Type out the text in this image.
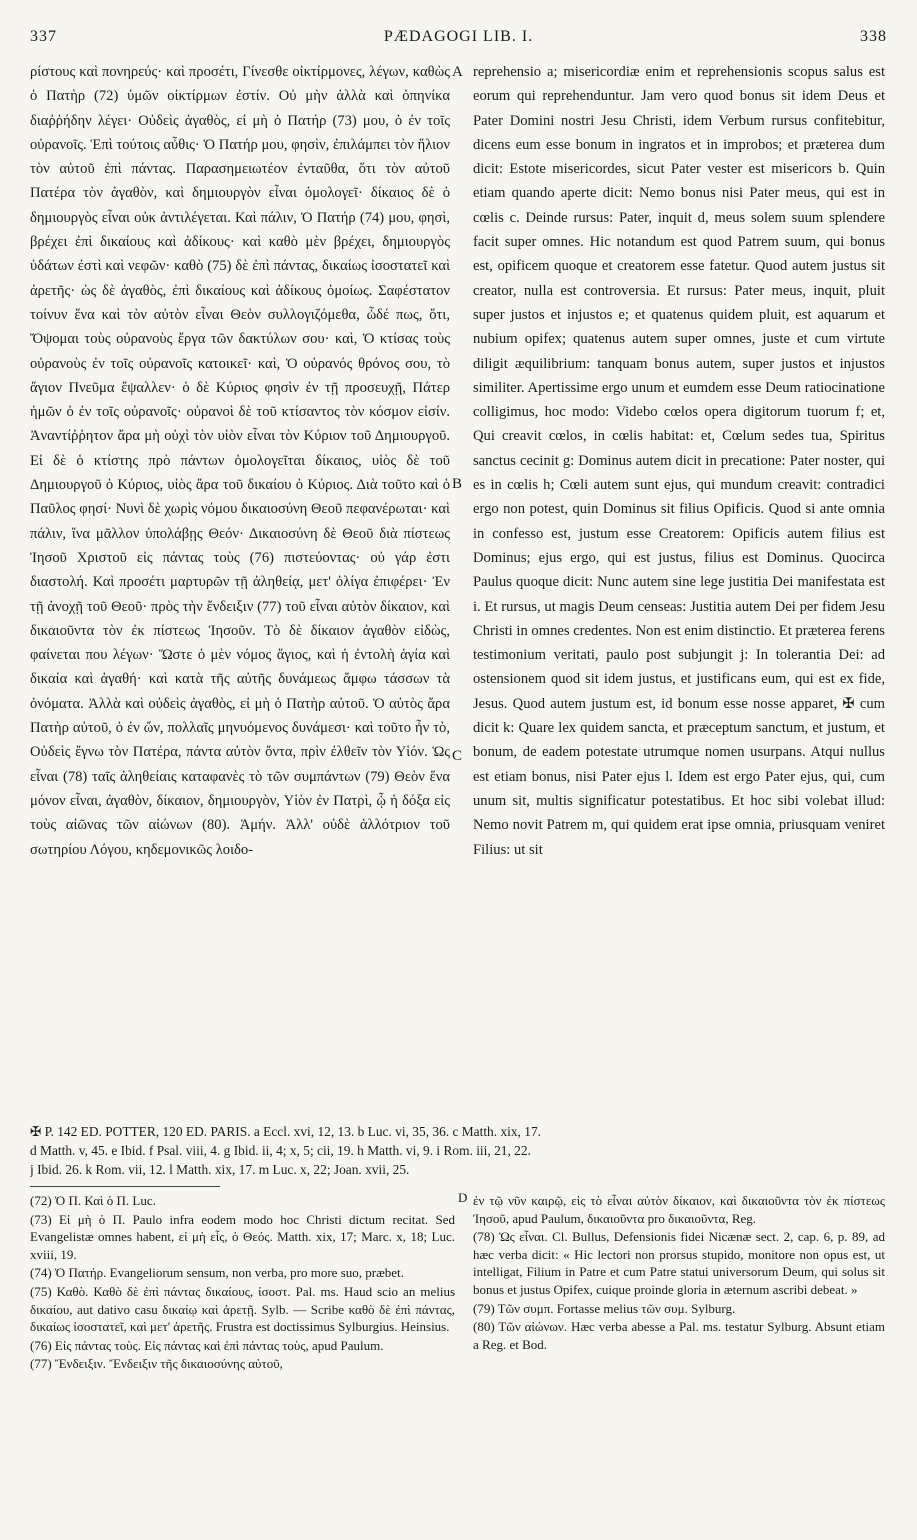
337	PÆDAGOGI LIB. I.	338

ρίστους καὶ πονηρεύς· καὶ προσέτι, Γίνεσθε οἰκτίρμονες, λέγων, καθὼς ὁ Πατὴρ (72) ὑμῶν οἰκτίρμων ἐστίν. Οὐ μὴν ἀλλὰ καὶ ὁπηνίκα διαῤῥήδην λέγει· Οὐδεὶς ἀγαθὸς, εἰ μὴ ὁ Πατήρ (73) μου, ὁ ἐν τοῖς οὐρανοῖς. Ἐπὶ τούτοις αὖθις· Ὁ Πατήρ μου, φησὶν, ἐπιλάμπει τὸν ἥλιον τὸν αὐτοῦ ἐπὶ πάντας. Παρασημειωτέον ἐνταῦθα, ὅτι τὸν αὐτοῦ Πατέρα τὸν ἀγαθὸν, καὶ δημιουργὸν εἶναι ὁμολογεῖ· δίκαιος δὲ ὁ δημιουργὸς εἶναι οὐκ ἀντιλέγεται. Καὶ πάλιν, Ὁ Πατήρ (74) μου, φησὶ, βρέχει ἐπὶ δικαίους καὶ ἀδίκους· καὶ καθὸ μὲν βρέχει, δημιουργὸς ὑδάτων ἐστὶ καὶ νεφῶν· καθὸ (75) δὲ ἐπὶ πάντας, δικαίως ἰσοστατεῖ καὶ ἀρετῆς· ὡς δὲ ἀγαθὸς, ἐπὶ δικαίους καὶ ἀδίκους ὁμοίως. Σαφέστατον τοίνυν ἕνα καὶ τὸν αὐτὸν εἶναι Θεὸν συλλογιζόμεθα, ὧδέ πως, ὅτι, Ὄψομαι τοὺς οὐρανοὺς ἔργα τῶν δακτύλων σου· καὶ, Ὁ κτίσας τοὺς οὐρανοὺς ἐν τοῖς οὐρανοῖς κατοικεῖ· καὶ, Ὁ οὐρανός θρόνος σου, τὸ ἅγιον Πνεῦμα ἔψαλλεν· ὁ δὲ Κύριος φησὶν ἐν τῇ προσευχῇ, Πάτερ ἡμῶν ὁ ἐν τοῖς οὐρανοῖς· οὐρανοὶ δὲ τοῦ κτίσαντος τὸν κόσμον εἰσίν. Ἀναντίῤῥητον ἄρα μὴ οὐχὶ τὸν υἱὸν εἶναι τὸν Κύριον τοῦ Δημιουργοῦ. Εἰ δὲ ὁ κτίστης πρὸ πάντων ὁμολογεῖται δίκαιος, υἱὸς δὲ τοῦ Δημιουργοῦ ὁ Κύριος, υἱὸς ἄρα τοῦ δικαίου ὁ Κύριος. Διὰ τοῦτο καὶ ὁ Παῦλος φησί· Νυνὶ δὲ χωρὶς νόμου δικαιοσύνη Θεοῦ πεφανέρωται· καὶ πάλιν, ἵνα μᾶλλον ὑπολάβῃς Θεόν· Δικαιοσύνη δὲ Θεοῦ διὰ πίστεως Ἰησοῦ Χριστοῦ εἰς πάντας τοὺς (76) πιστεύοντας· οὐ γάρ ἐστι διαστολή. Καὶ προσέτι μαρτυρῶν τῇ ἀληθείᾳ, μετ' ὀλίγα ἐπιφέρει· Ἐν τῇ ἀνοχῇ τοῦ Θεοῦ· πρὸς τὴν ἔνδειξιν (77) τοῦ εἶναι αὐτὸν δίκαιον, καὶ δικαιοῦντα τὸν ἐκ πίστεως Ἰησοῦν. Τὸ δὲ δίκαιον ἀγαθὸν εἰδὼς, φαίνεται που λέγων· Ὥστε ὁ μὲν νόμος ἅγιος, καὶ ἡ ἐντολὴ ἁγία καὶ δικαία καὶ ἀγαθή· καὶ κατὰ τῆς αὐτῆς δυνάμεως ἄμφω τάσσων τὰ ὀνόματα. Ἀλλὰ καὶ οὐδεὶς ἀγαθὸς, εἰ μὴ ὁ Πατὴρ αὐτοῦ. Ὁ αὐτὸς ἄρα Πατὴρ αὐτοῦ, ὁ ἐν ὤν, πολλαῖς μηνυόμενος δυνάμεσι· καὶ τοῦτο ἦν τὸ, Οὐδεὶς ἔγνω τὸν Πατέρα, πάντα αὐτὸν ὄντα, πρὶν ἐλθεῖν τὸν Υἱόν. Ὡς εἶναι (78) ταῖς ἀληθείαις καταφανὲς τὸ τῶν συμπάντων (79) Θεὸν ἕνα μόνον εἶναι, ἀγαθὸν, δίκαιον, δημιουργὸν, Υἱὸν ἐν Πατρὶ, ᾧ ἡ δόξα εἰς τοὺς αἰῶνας τῶν αἰώνων (80). Ἀμήν. Ἀλλ' οὐδὲ ἀλλότριον τοῦ σωτηρίου Λόγου, κηδεμονικῶς λοιδο-

A
B
C

reprehensio a; misericordiæ enim et reprehensionis scopus salus est eorum qui reprehenduntur. Jam vero quod bonus sit idem Deus et Pater Domini nostri Jesu Christi, idem Verbum rursus confitebitur, dicens eum esse bonum in ingratos et in improbos; et præterea dum dicit: Estote misericordes, sicut Pater vester est misericors b. Quin etiam quando aperte dicit: Nemo bonus nisi Pater meus, qui est in cœlis c. Deinde rursus: Pater, inquit d, meus solem suum splendere facit super omnes. Hic notandum est quod Patrem suum, qui bonus est, opificem quoque et creatorem esse fatetur. Quod autem justus sit creator, nulla est controversia. Et rursus: Pater meus, inquit, pluit super justos et injustos e; et quatenus quidem pluit, est aquarum et nubium opifex; quatenus autem super omnes, juste et cum virtute diligit æquilibrium: tanquam bonus autem, super justos et injustos similiter. Apertissime ergo unum et eumdem esse Deum ratiocinatione colligimus, hoc modo: Videbo cœlos opera digitorum tuorum f; et, Qui creavit cœlos, in cœlis habitat: et, Cœlum sedes tua, Spiritus sanctus cecinit g: Dominus autem dicit in precatione: Pater noster, qui es in cœlis h; Cœli autem sunt ejus, qui mundum creavit: contradici ergo non potest, quin Dominus sit filius Opificis. Quod si ante omnia in confesso est, justum esse Creatorem: Opificis autem filius est Dominus; ejus ergo, qui est justus, filius est Dominus. Quocirca Paulus quoque dicit: Nunc autem sine lege justitia Dei manifestata est i. Et rursus, ut magis Deum censeas: Justitia autem Dei per fidem Jesu Christi in omnes credentes. Non est enim distinctio. Et præterea ferens testimonium veritati, paulo post subjungit j: In tolerantia Dei: ad ostensionem quod sit idem justus, et justificans eum, qui est ex fide, Jesus. Quod autem justum est, id bonum esse nosse apparet, ✠ cum dicit k: Quare lex quidem sancta, et præceptum sanctum, et justum, et bonum, de eadem potestate utrumque nomen usurpans. Atqui nullus est etiam bonus, nisi Pater ejus l. Idem est ergo Pater ejus, qui, cum unum sit, multis significatur potestatibus. Et hoc sibi volebat illud: Nemo novit Patrem m, qui quidem erat ipse omnia, priusquam veniret Filius: ut sit

✠ P. 142 ED. POTTER, 120 ED. PARIS. a Eccl. xvi, 12, 13. b Luc. vi, 35, 36. c Matth. xix, 17.

d Matth. v, 45. e Ibid. f Psal. viii, 4. g Ibid. ii, 4; x, 5; cii, 19. h Matth. vi, 9. i Rom. iii, 21, 22.

j Ibid. 26. k Rom. vii, 12. l Matth. xix, 17. m Luc. x, 22; Joan. xvii, 25.

(72) Ὁ Π. Καὶ ὁ Π. Luc.

(73) Εἰ μὴ ὁ Π. Paulo infra eodem modo hoc Christi dictum recitat. Sed Evangelistæ omnes habent, εἰ μὴ εἷς, ὁ Θεός. Matth. xix, 17; Marc. x, 18; Luc. xviii, 19.

(74) Ὁ Πατήρ. Evangeliorum sensum, non verba, pro more suo, præbet.

(75) Καθὸ. Καθὸ δὲ ἐπὶ πάντας δικαίους, ἰσοστ. Pal. ms. Haud scio an melius δικαίου, aut dativo casu δικαίῳ καὶ ἀρετῇ. Sylb. — Scribe καθὸ δὲ ἐπὶ πάντας, δικαίως ἰσοστατεῖ, καὶ μετ' ἀρετῆς. Frustra est doctissimus Sylburgius. Heinsius.

(76) Εἰς πάντας τοὺς. Εἰς πάντας καὶ ἐπὶ πάντας τοὺς, apud Paulum.

(77) Ἔνδειξιν. Ἔνδειξιν τῆς δικαιοσύνης αὐτοῦ,

D ἐν τῷ νῦν καιρῷ, εἰς τὸ εἶναι αὐτὸν δίκαιον, καὶ δικαιοῦντα τὸν ἐκ πίστεως Ἰησοῦ, apud Paulum, δικαιοῦντα pro δικαιοῦντα, Reg.

(78) Ὡς εἶναι. Cl. Bullus, Defensionis fidei Nicænæ sect. 2, cap. 6, p. 89, ad hæc verba dicit: « Hic lectori non prorsus stupido, monitore non opus est, ut intelligat, Filium in Patre et cum Patre statui universorum Deum, qui solus sit bonus et justus Opifex, cuique proinde gloria in æternum ascribi debeat. »

(79) Τῶν συμπ. Fortasse melius τῶν συμ. Sylburg.

(80) Τῶν αἰώνων. Hæc verba abesse a Pal. ms. testatur Sylburg. Absunt etiam a Reg. et Bod.
